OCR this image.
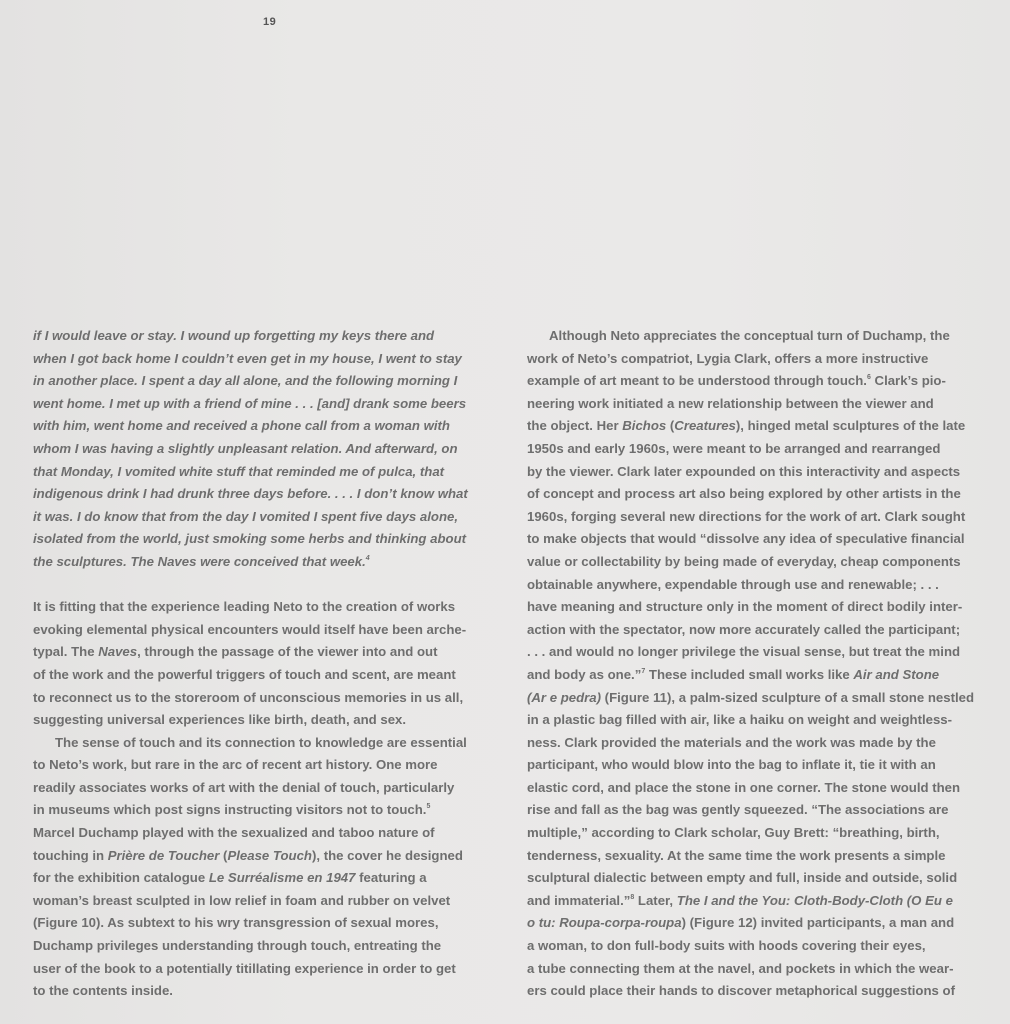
19
if I would leave or stay. I wound up forgetting my keys there and
when I got back home I couldn’t even get in my house, I went to stay
in another place. I spent a day all alone, and the following morning I
went home. I met up with a friend of mine . . . [and] drank some beers
with him, went home and received a phone call from a woman with
whom I was having a slightly unpleasant relation. And afterward, on
that Monday, I vomited white stuff that reminded me of pulca, that
indigenous drink I had drunk three days before. . . . I don’t know what
it was. I do know that from the day I vomited I spent five days alone,
isolated from the world, just smoking some herbs and thinking about
the sculptures. The Naves were conceived that week.$^4$
It is fitting that the experience leading Neto to the creation of works
evoking elemental physical encounters would itself have been arche-
typal. The Naves, through the passage of the viewer into and out
of the work and the powerful triggers of touch and scent, are meant
to reconnect us to the storeroom of unconscious memories in us all,
suggesting universal experiences like birth, death, and sex.
The sense of touch and its connection to knowledge are essential
to Neto’s work, but rare in the arc of recent art history. One more
readily associates works of art with the denial of touch, particularly
in museums which post signs instructing visitors not to touch.$^5$
Marcel Duchamp played with the sexualized and taboo nature of
touching in Prière de Toucher (Please Touch), the cover he designed
for the exhibition catalogue Le Surréalisme en 1947 featuring a
woman’s breast sculpted in low relief in foam and rubber on velvet
(Figure 10). As subtext to his wry transgression of sexual mores,
Duchamp privileges understanding through touch, entreating the
user of the book to a potentially titillating experience in order to get
to the contents inside.
Although Neto appreciates the conceptual turn of Duchamp, the
work of Neto’s compatriot, Lygia Clark, offers a more instructive
example of art meant to be understood through touch.$^6$ Clark’s pio-
neering work initiated a new relationship between the viewer and
the object. Her Bichos (Creatures), hinged metal sculptures of the late
1950s and early 1960s, were meant to be arranged and rearranged
by the viewer. Clark later expounded on this interactivity and aspects
of concept and process art also being explored by other artists in the
1960s, forging several new directions for the work of art. Clark sought
to make objects that would “dissolve any idea of speculative financial
value or collectability by being made of everyday, cheap components
obtainable anywhere, expendable through use and renewable; . . .
have meaning and structure only in the moment of direct bodily inter-
action with the spectator, now more accurately called the participant;
. . . and would no longer privilege the visual sense, but treat the mind
and body as one.”$^7$ These included small works like Air and Stone
(Ar e pedra) (Figure 11), a palm-sized sculpture of a small stone nestled
in a plastic bag filled with air, like a haiku on weight and weightless-
ness. Clark provided the materials and the work was made by the
participant, who would blow into the bag to inflate it, tie it with an
elastic cord, and place the stone in one corner. The stone would then
rise and fall as the bag was gently squeezed. “The associations are
multiple,” according to Clark scholar, Guy Brett: “breathing, birth,
tenderness, sexuality. At the same time the work presents a simple
sculptural dialectic between empty and full, inside and outside, solid
and immaterial.”$^8$ Later, The I and the You: Cloth-Body-Cloth (O Eu e
o tu: Roupa-corpa-roupa) (Figure 12) invited participants, a man and
a woman, to don full-body suits with hoods covering their eyes,
a tube connecting them at the navel, and pockets in which the wear-
ers could place their hands to discover metaphorical suggestions of
